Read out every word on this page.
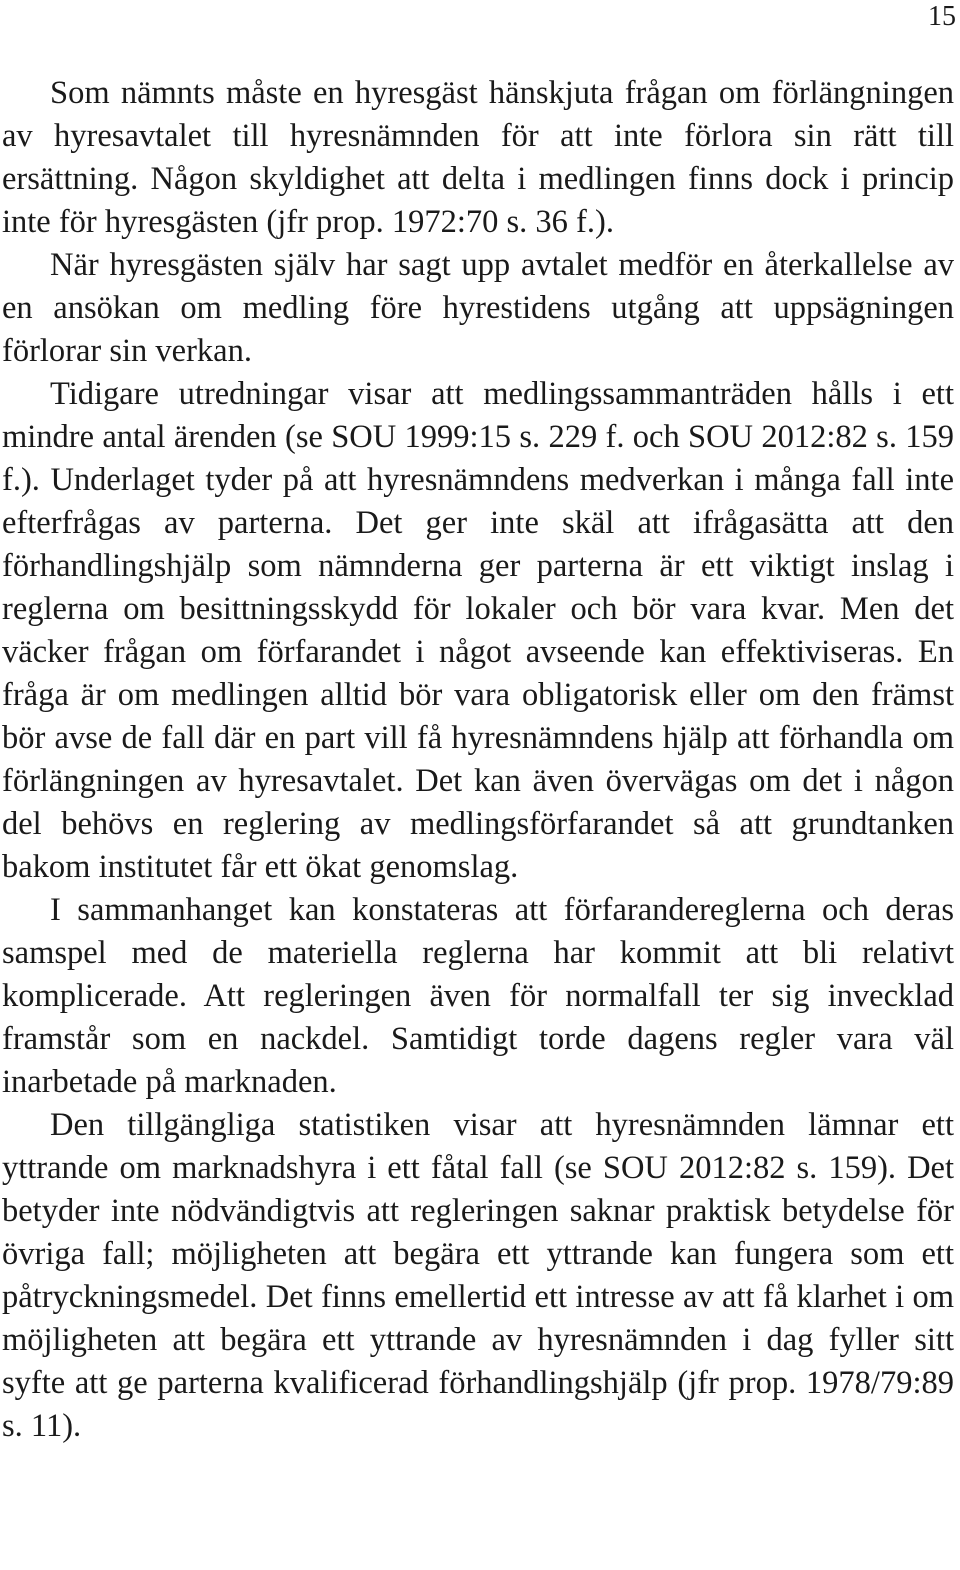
15

Som nämnts måste en hyresgäst hänskjuta frågan om förlängningen av hyresavtalet till hyresnämnden för att inte förlora sin rätt till ersättning. Någon skyldighet att delta i medlingen finns dock i princip inte för hyresgästen (jfr prop. 1972:70 s. 36 f.).

När hyresgästen själv har sagt upp avtalet medför en återkallelse av en ansökan om medling före hyrestidens utgång att uppsägningen förlorar sin verkan.

Tidigare utredningar visar att medlingssammanträden hålls i ett mindre antal ärenden (se SOU 1999:15 s. 229 f. och SOU 2012:82 s. 159 f.). Underlaget tyder på att hyresnämndens medverkan i många fall inte efterfrågas av parterna. Det ger inte skäl att ifrågasätta att den förhandlingshjälp som nämnderna ger parterna är ett viktigt inslag i reglerna om besittningsskydd för lokaler och bör vara kvar. Men det väcker frågan om förfarandet i något avseende kan effektiviseras. En fråga är om medlingen alltid bör vara obligatorisk eller om den främst bör avse de fall där en part vill få hyresnämndens hjälp att förhandla om förlängningen av hyresavtalet. Det kan även övervägas om det i någon del behövs en reglering av medlingsförfarandet så att grundtanken bakom institutet får ett ökat genomslag.

I sammanhanget kan konstateras att förfarandereglerna och deras samspel med de materiella reglerna har kommit att bli relativt komplicerade. Att regleringen även för normalfall ter sig invecklad framstår som en nackdel. Samtidigt torde dagens regler vara väl inarbetade på marknaden.

Den tillgängliga statistiken visar att hyresnämnden lämnar ett yttrande om marknadshyra i ett fåtal fall (se SOU 2012:82 s. 159). Det betyder inte nödvändigtvis att regleringen saknar praktisk betydelse för övriga fall; möjligheten att begära ett yttrande kan fungera som ett påtryckningsmedel. Det finns emellertid ett intresse av att få klarhet i om möjligheten att begära ett yttrande av hyresnämnden i dag fyller sitt syfte att ge parterna kvalificerad förhandlingshjälp (jfr prop. 1978/79:89 s. 11).
